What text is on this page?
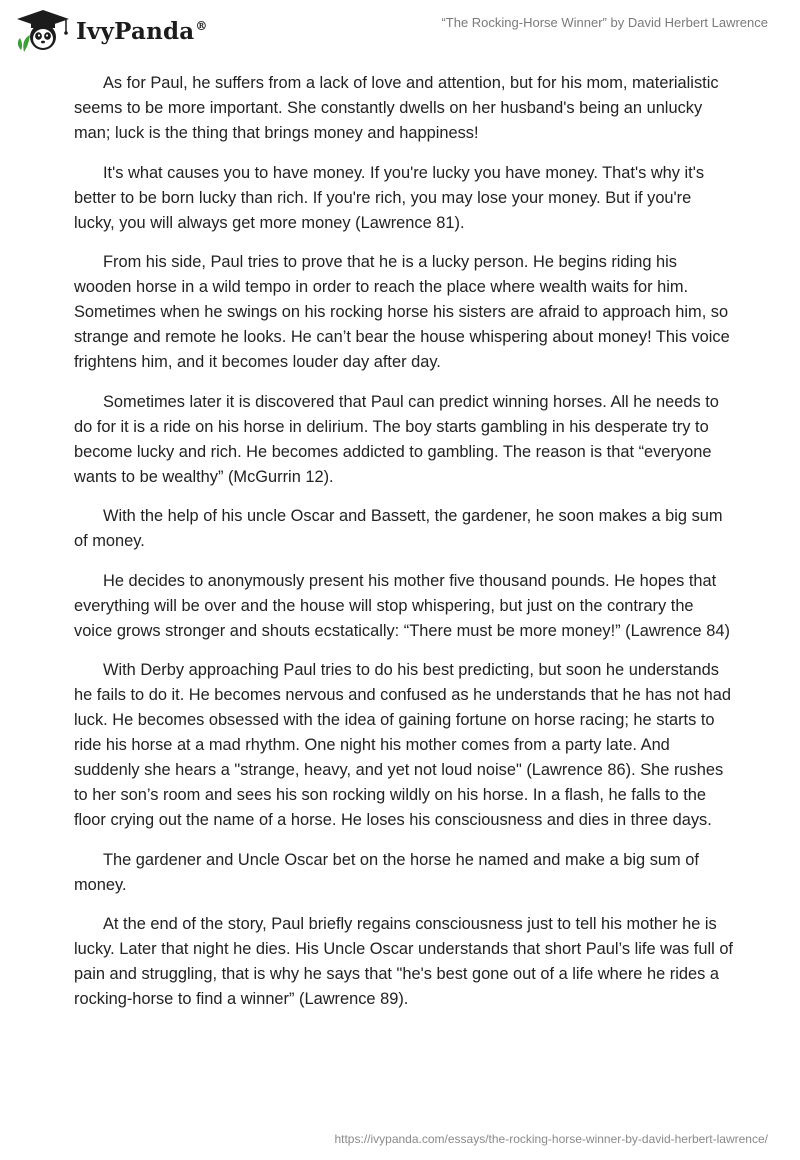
IvyPanda®	“The Rocking-Horse Winner” by David Herbert Lawrence

As for Paul, he suffers from a lack of love and attention, but for his mom, materialistic seems to be more important. She constantly dwells on her husband's being an unlucky man; luck is the thing that brings money and happiness!

It's what causes you to have money. If you're lucky you have money. That's why it's better to be born lucky than rich. If you're rich, you may lose your money. But if you're lucky, you will always get more money (Lawrence 81).

From his side, Paul tries to prove that he is a lucky person. He begins riding his wooden horse in a wild tempo in order to reach the place where wealth waits for him. Sometimes when he swings on his rocking horse his sisters are afraid to approach him, so strange and remote he looks. He can’t bear the house whispering about money! This voice frightens him, and it becomes louder day after day.

Sometimes later it is discovered that Paul can predict winning horses. All he needs to do for it is a ride on his horse in delirium. The boy starts gambling in his desperate try to become lucky and rich. He becomes addicted to gambling. The reason is that “everyone wants to be wealthy” (McGurrin 12).

With the help of his uncle Oscar and Bassett, the gardener, he soon makes a big sum of money.

He decides to anonymously present his mother five thousand pounds. He hopes that everything will be over and the house will stop whispering, but just on the contrary the voice grows stronger and shouts ecstatically: “There must be more money!” (Lawrence 84)

With Derby approaching Paul tries to do his best predicting, but soon he understands he fails to do it. He becomes nervous and confused as he understands that he has not had luck. He becomes obsessed with the idea of gaining fortune on horse racing; he starts to ride his horse at a mad rhythm. One night his mother comes from a party late. And suddenly she hears a "strange, heavy, and yet not loud noise" (Lawrence 86). She rushes to her son’s room and sees his son rocking wildly on his horse. In a flash, he falls to the floor crying out the name of a horse. He loses his consciousness and dies in three days.

The gardener and Uncle Oscar bet on the horse he named and make a big sum of money.

At the end of the story, Paul briefly regains consciousness just to tell his mother he is lucky. Later that night he dies. His Uncle Oscar understands that short Paul’s life was full of pain and struggling, that is why he says that "he's best gone out of a life where he rides a rocking-horse to find a winner” (Lawrence 89).

https://ivypanda.com/essays/the-rocking-horse-winner-by-david-herbert-lawrence/
